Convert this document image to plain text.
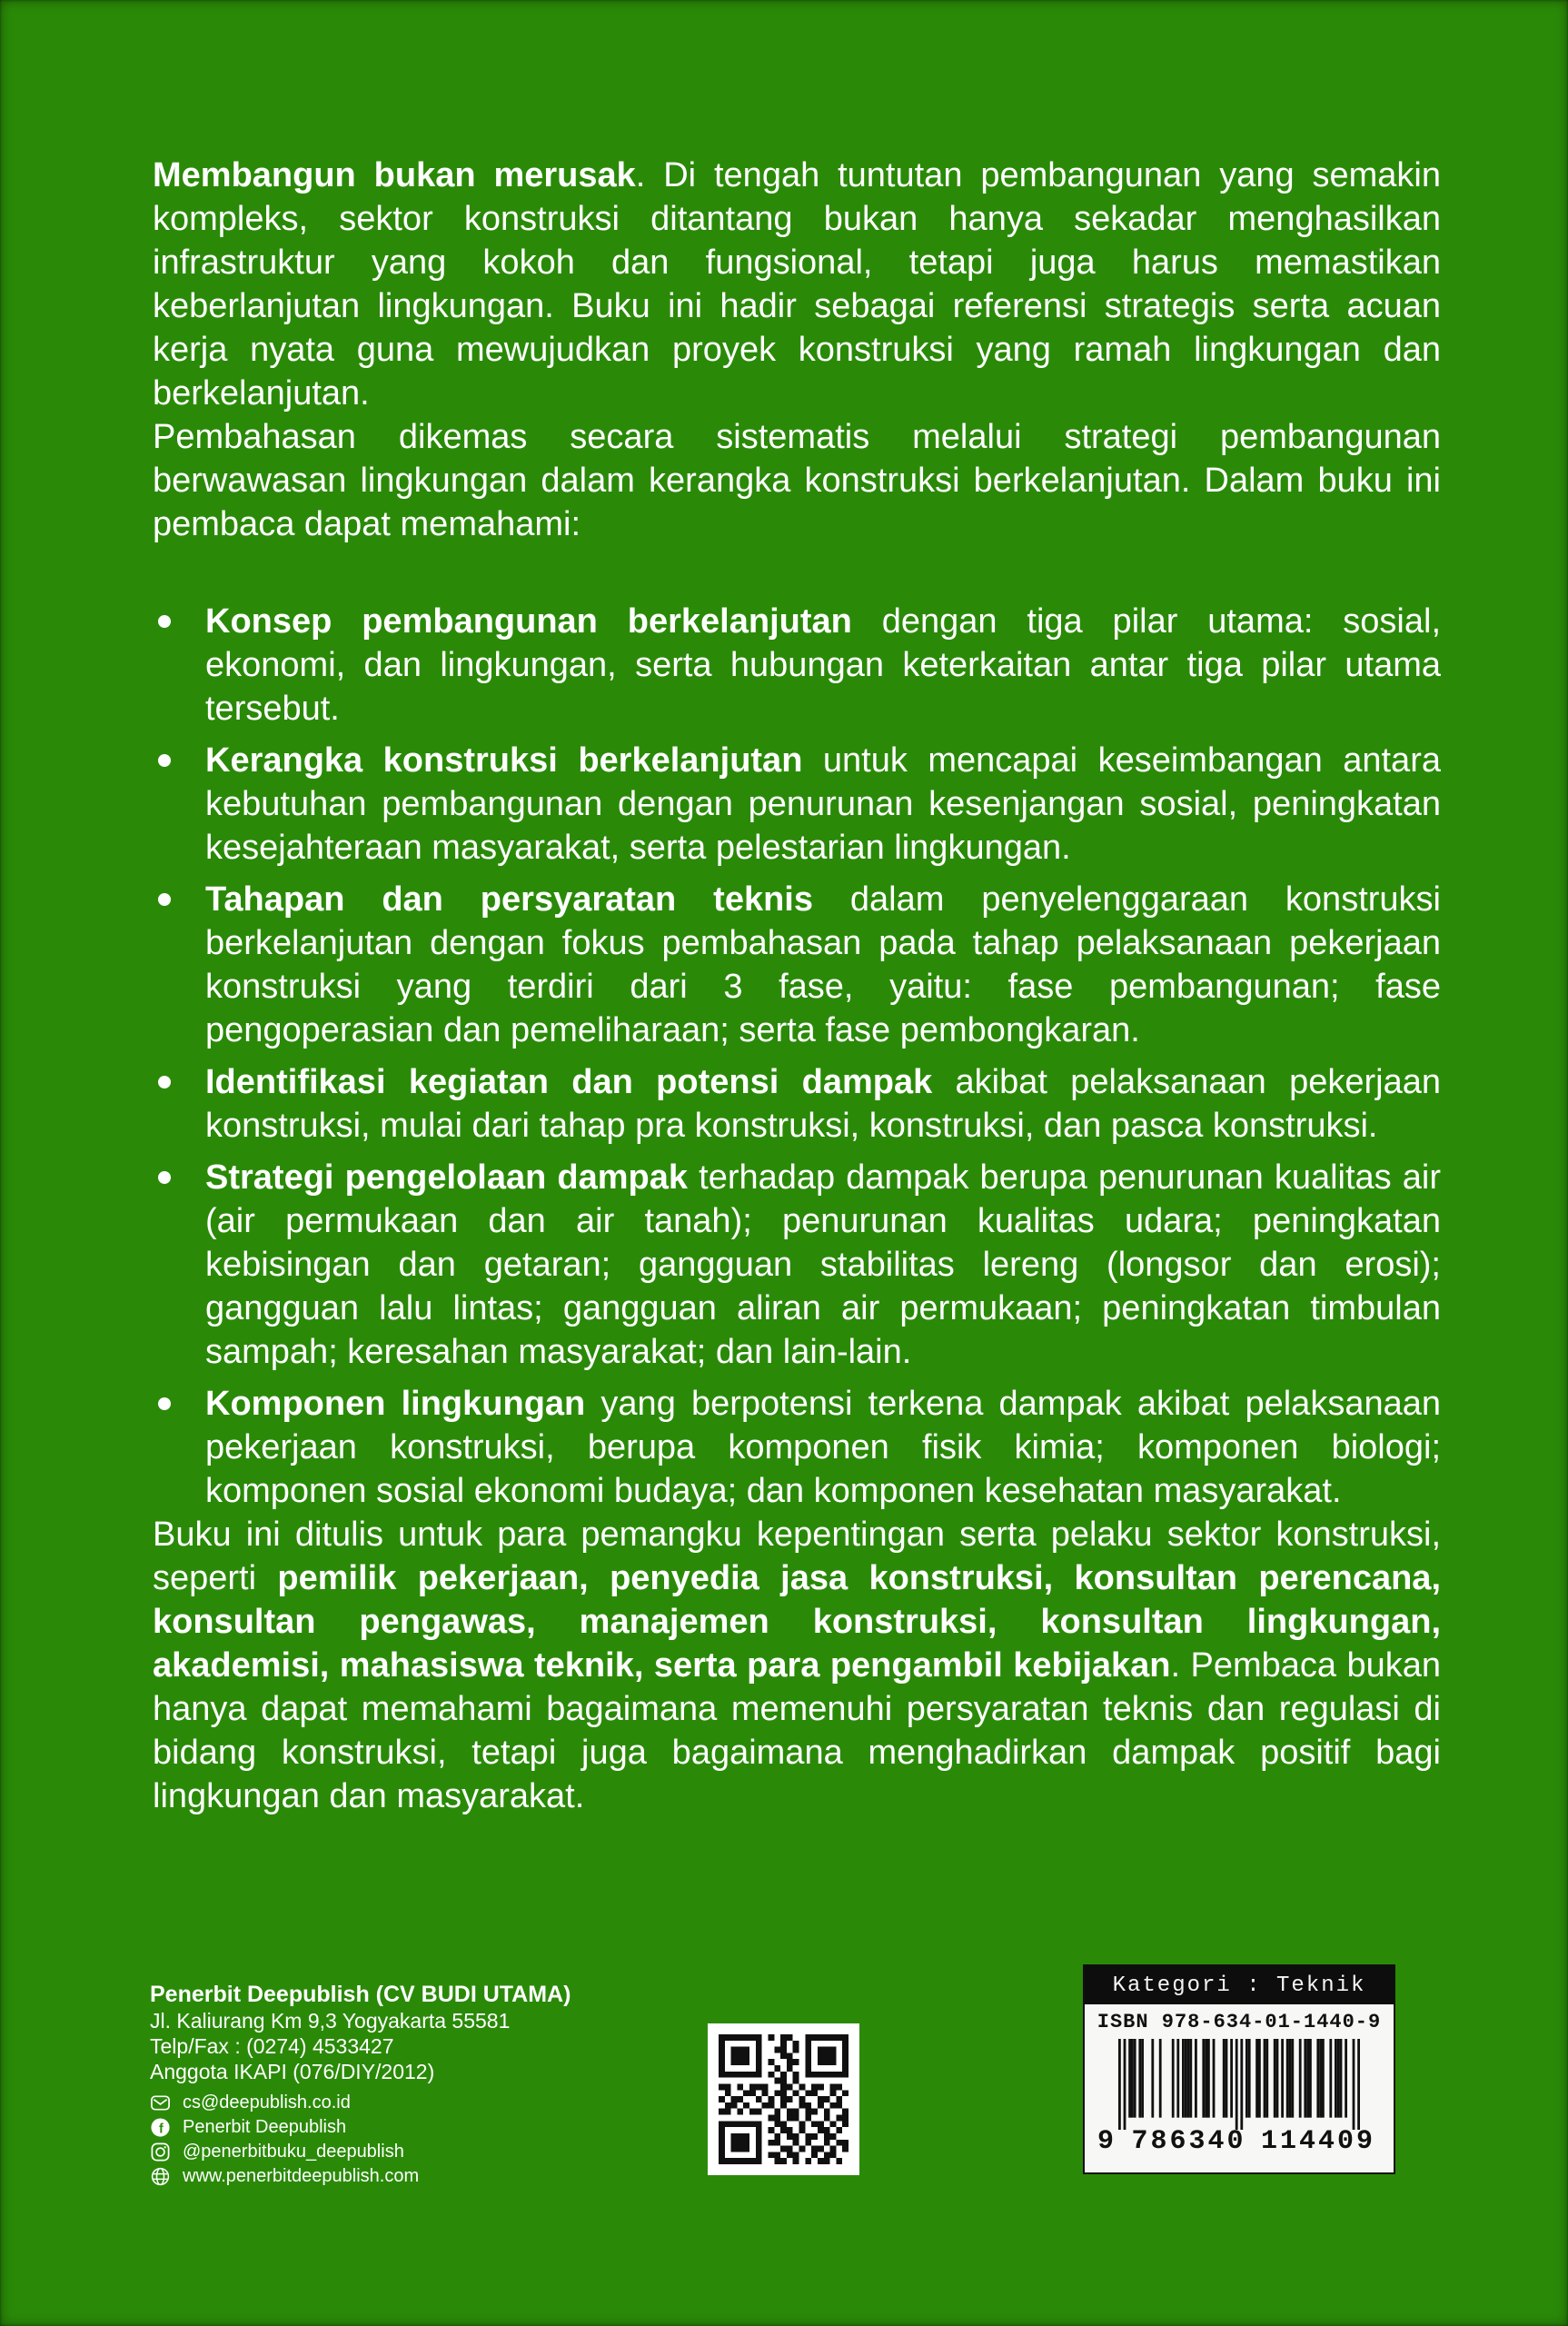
Membangun bukan merusak. Di tengah tuntutan pembangunan yang semakin kompleks, sektor konstruksi ditantang bukan hanya sekadar menghasilkan infrastruktur yang kokoh dan fungsional, tetapi juga harus memastikan keberlanjutan lingkungan. Buku ini hadir sebagai referensi strategis serta acuan kerja nyata guna mewujudkan proyek konstruksi yang ramah lingkungan dan berkelanjutan.

Pembahasan dikemas secara sistematis melalui strategi pembangunan berwawasan lingkungan dalam kerangka konstruksi berkelanjutan. Dalam buku ini pembaca dapat memahami:

Konsep pembangunan berkelanjutan dengan tiga pilar utama: sosial, ekonomi, dan lingkungan, serta hubungan keterkaitan antar tiga pilar utama tersebut.
Kerangka konstruksi berkelanjutan untuk mencapai keseimbangan antara kebutuhan pembangunan dengan penurunan kesenjangan sosial, peningkatan kesejahteraan masyarakat, serta pelestarian lingkungan.
Tahapan dan persyaratan teknis dalam penyelenggaraan konstruksi berkelanjutan dengan fokus pembahasan pada tahap pelaksanaan pekerjaan konstruksi yang terdiri dari 3 fase, yaitu: fase pembangunan; fase pengoperasian dan pemeliharaan; serta fase pembongkaran.
Identifikasi kegiatan dan potensi dampak akibat pelaksanaan pekerjaan konstruksi, mulai dari tahap pra konstruksi, konstruksi, dan pasca konstruksi.
Strategi pengelolaan dampak terhadap dampak berupa penurunan kualitas air (air permukaan dan air tanah); penurunan kualitas udara; peningkatan kebisingan dan getaran; gangguan stabilitas lereng (longsor dan erosi); gangguan lalu lintas; gangguan aliran air permukaan; peningkatan timbulan sampah; keresahan masyarakat; dan lain-lain.
Komponen lingkungan yang berpotensi terkena dampak akibat pelaksanaan pekerjaan konstruksi, berupa komponen fisik kimia; komponen biologi; komponen sosial ekonomi budaya; dan komponen kesehatan masyarakat.

Buku ini ditulis untuk para pemangku kepentingan serta pelaku sektor konstruksi, seperti pemilik pekerjaan, penyedia jasa konstruksi, konsultan perencana, konsultan pengawas, manajemen konstruksi, konsultan lingkungan, akademisi, mahasiswa teknik, serta para pengambil kebijakan. Pembaca bukan hanya dapat memahami bagaimana memenuhi persyaratan teknis dan regulasi di bidang konstruksi, tetapi juga bagaimana menghadirkan dampak positif bagi lingkungan dan masyarakat.

Penerbit Deepublish (CV BUDI UTAMA)
Jl. Kaliurang Km 9,3 Yogyakarta 55581
Telp/Fax : (0274) 4533427
Anggota IKAPI (076/DIY/2012)
cs@deepublish.co.id
f Penerbit Deepublish
@penerbitbuku_deepublish
www.penerbitdeepublish.com
Kategori : Teknik
ISBN 978-634-01-1440-9
9 786340 114409
